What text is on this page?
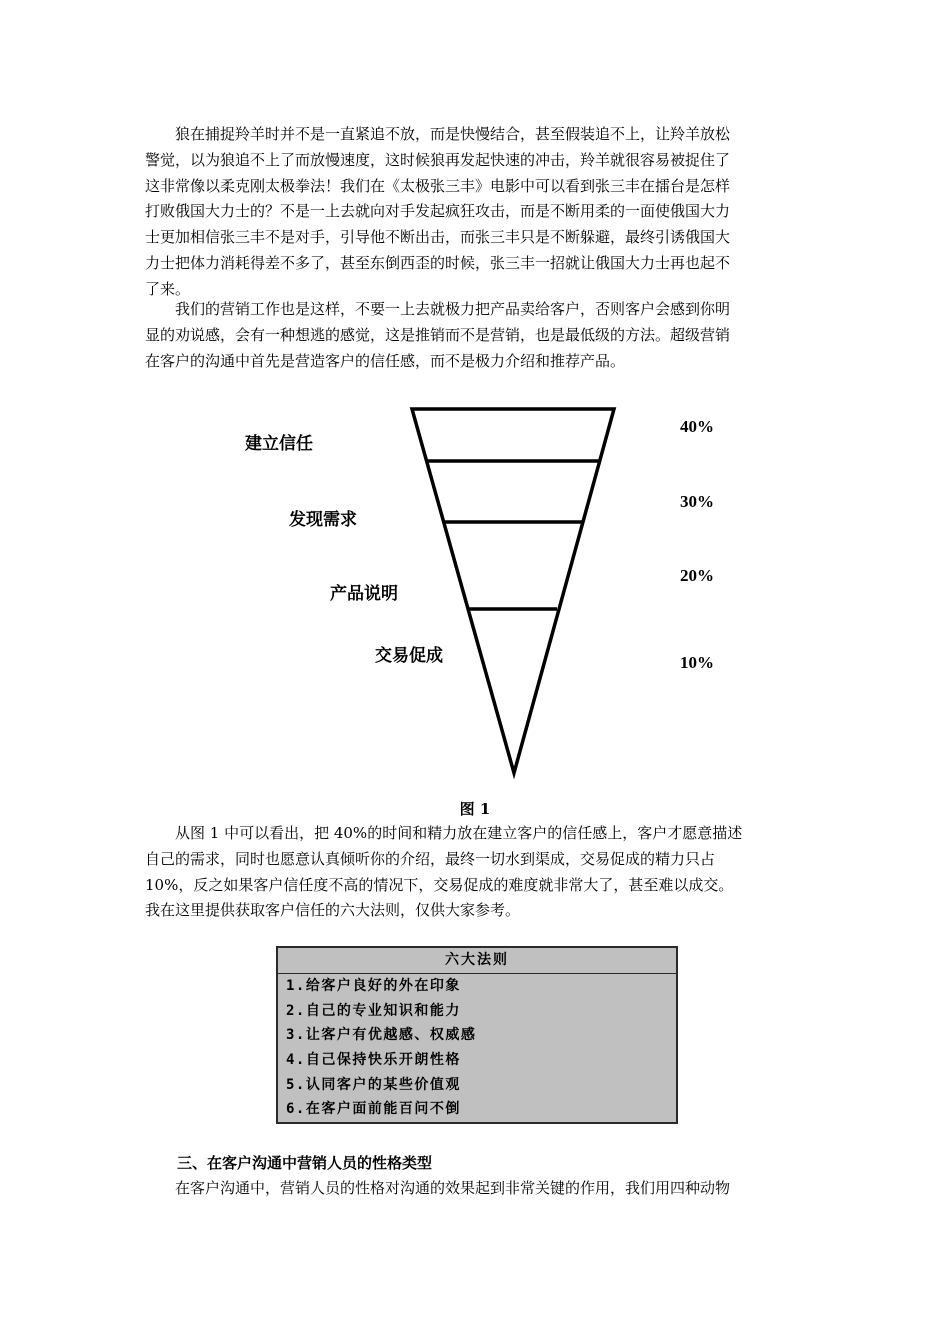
狼在捕捉羚羊时并不是一直紧追不放，而是快慢结合，甚至假装追不上，让羚羊放松
警觉，以为狼追不上了而放慢速度，这时候狼再发起快速的冲击，羚羊就很容易被捉住了
这非常像以柔克刚太极拳法！我们在《太极张三丰》电影中可以看到张三丰在擂台是怎样
打败俄国大力士的？不是一上去就向对手发起疯狂攻击，而是不断用柔的一面使俄国大力
士更加相信张三丰不是对手，引导他不断出击，而张三丰只是不断躲避，最终引诱俄国大
力士把体力消耗得差不多了，甚至东倒西歪的时候，张三丰一招就让俄国大力士再也起不
了来。
我们的营销工作也是这样，不要一上去就极力把产品卖给客户，否则客户会感到你明
显的劝说感，会有一种想逃的感觉，这是推销而不是营销，也是最低级的方法。超级营销
在客户的沟通中首先是营造客户的信任感，而不是极力介绍和推荐产品。
建立信任
发现需求
产品说明
交易促成
40%
30%
20%
10%
图 1
从图 1 中可以看出，把 40%的时间和精力放在建立客户的信任感上，客户才愿意描述
自己的需求，同时也愿意认真倾听你的介绍，最终一切水到渠成，交易促成的精力只占
10%，反之如果客户信任度不高的情况下，交易促成的难度就非常大了，甚至难以成交。
我在这里提供获取客户信任的六大法则，仅供大家参考。
六大法则
1.给客户良好的外在印象
2.自己的专业知识和能力
3.让客户有优越感、权威感
4.自己保持快乐开朗性格
5.认同客户的某些价值观
6.在客户面前能百问不倒
三、在客户沟通中营销人员的性格类型
在客户沟通中，营销人员的性格对沟通的效果起到非常关键的作用，我们用四种动物
